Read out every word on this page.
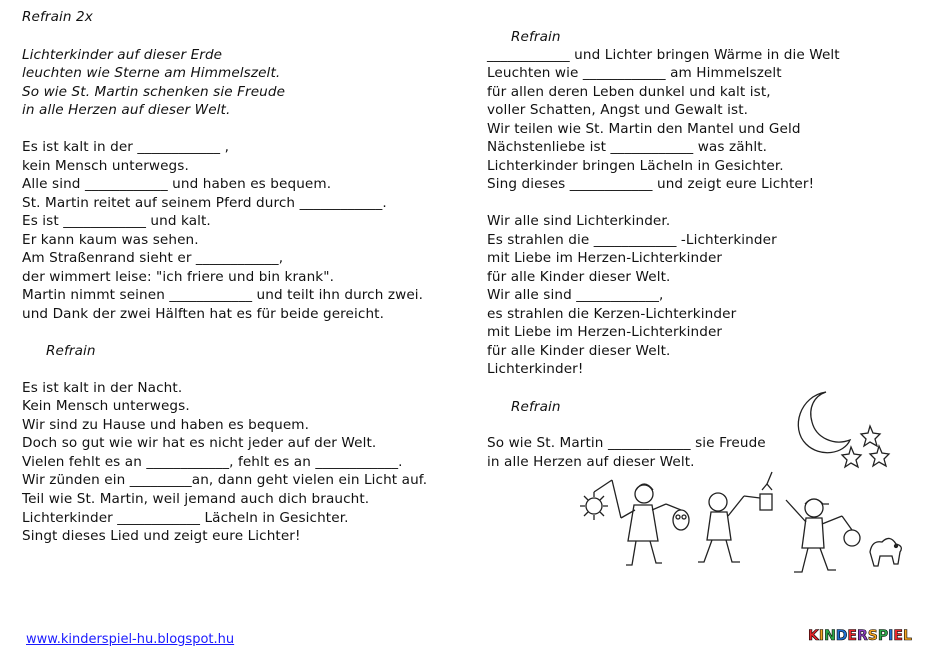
Refrain 2x
Lichterkinder auf dieser Erde
leuchten wie Sterne am Himmelszelt.
So wie St. Martin schenken sie Freude
in alle Herzen auf dieser Welt.
Es ist kalt in der ____________ ,
kein Mensch unterwegs.
Alle sind ____________ und haben es bequem.
St. Martin reitet auf seinem Pferd durch ____________.
Es ist ____________ und kalt.
Er kann kaum was sehen.
Am Straßenrand sieht er ____________,
der wimmert leise: "ich friere und bin krank".
Martin nimmt seinen ____________ und teilt ihn durch zwei.
und Dank der zwei Hälften hat es für beide gereicht.
Refrain
Es ist kalt in der Nacht.
Kein Mensch unterwegs.
Wir sind zu Hause und haben es bequem.
Doch so gut wie wir hat es nicht jeder auf der Welt.
Vielen fehlt es an ____________, fehlt es an ____________.
Wir zünden ein _________an, dann geht vielen ein Licht auf.
Teil wie St. Martin, weil jemand auch dich braucht.
Lichterkinder ____________ Lächeln in Gesichter.
Singt dieses Lied und zeigt eure Lichter!
Refrain
____________ und Lichter bringen Wärme in die Welt
Leuchten wie ____________ am Himmelszelt
für allen deren Leben dunkel und kalt ist,
voller Schatten, Angst und Gewalt ist.
Wir teilen wie St. Martin den Mantel und Geld
Nächstenliebe ist ____________ was zählt.
Lichterkinder bringen Lächeln in Gesichter.
Sing dieses ____________ und zeigt eure Lichter!
Wir alle sind Lichterkinder.
Es strahlen die ____________ -Lichterkinder
mit Liebe im Herzen-Lichterkinder
für alle Kinder dieser Welt.
Wir alle sind ____________,
es strahlen die Kerzen-Lichterkinder
mit Liebe im Herzen-Lichterkinder
für alle Kinder dieser Welt.
Lichterkinder!
Refrain
So wie St. Martin ____________ sie Freude
in alle Herzen auf dieser Welt.
www.kinderspiel-hu.blogspot.hu	KINDERSPIEL
